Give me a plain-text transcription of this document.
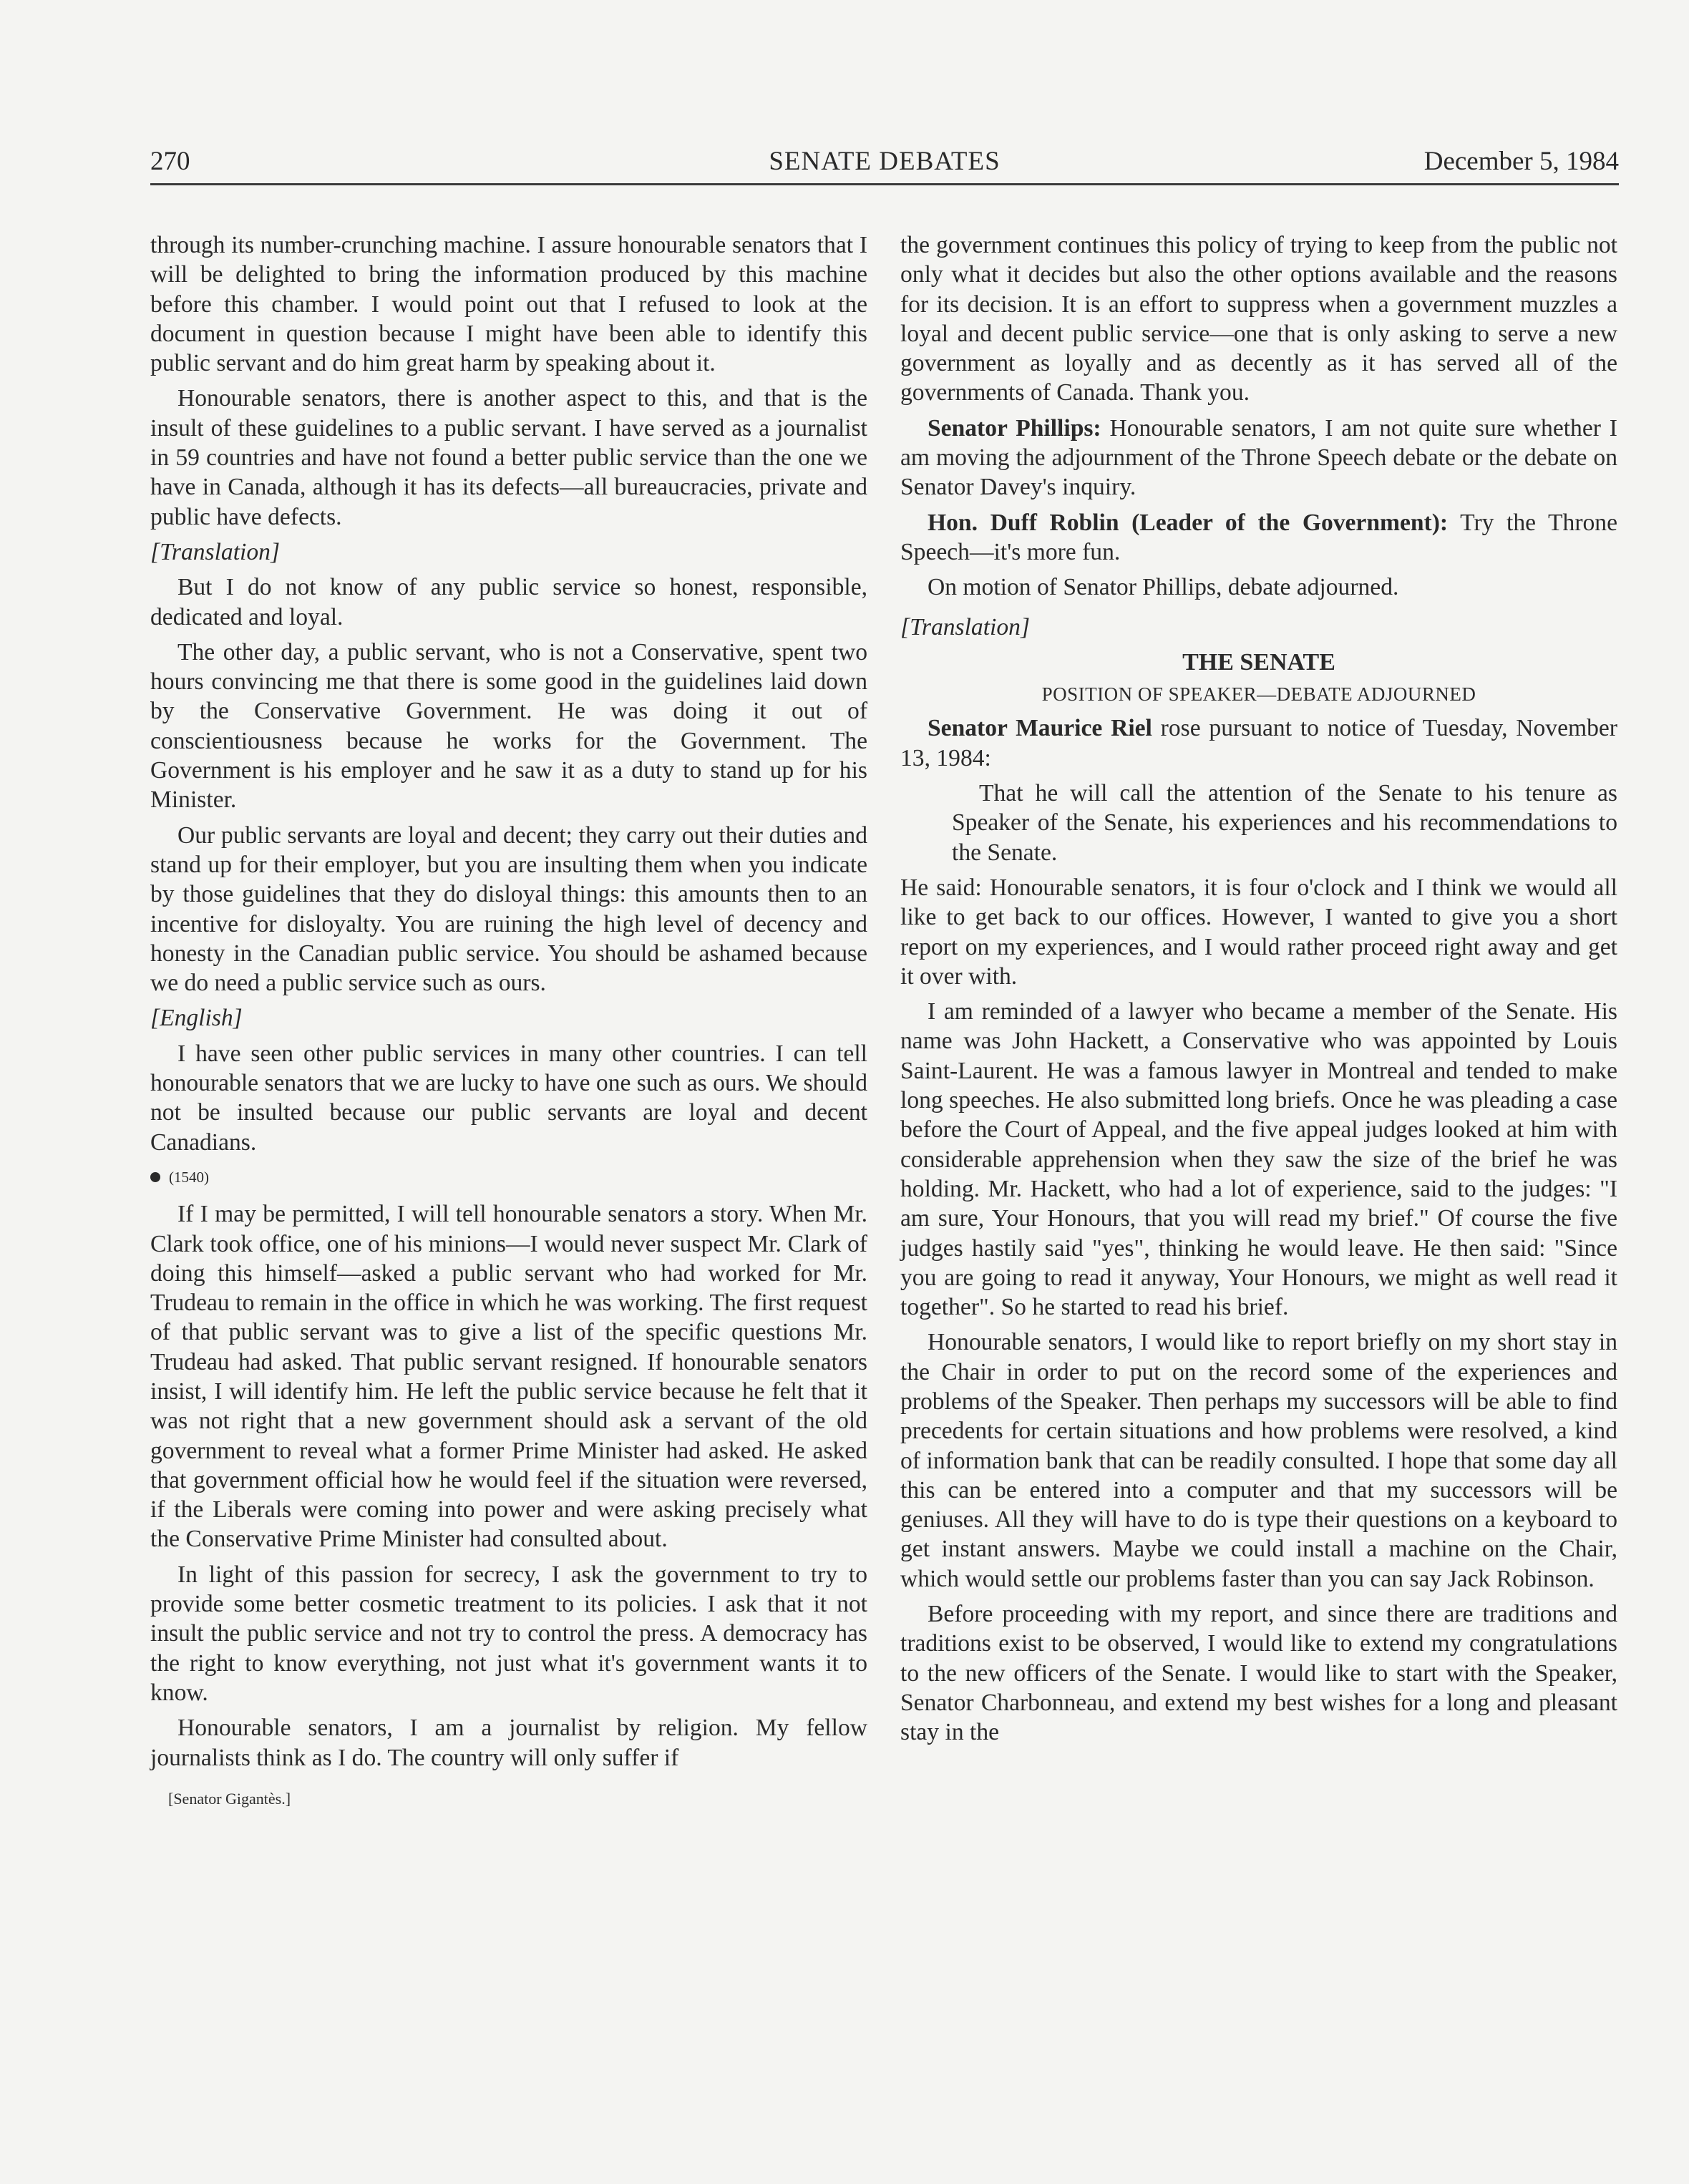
270	SENATE DEBATES	December 5, 1984

through its number-crunching machine. I assure honourable senators that I will be delighted to bring the information produced by this machine before this chamber. I would point out that I refused to look at the document in question because I might have been able to identify this public servant and do him great harm by speaking about it.

Honourable senators, there is another aspect to this, and that is the insult of these guidelines to a public servant. I have served as a journalist in 59 countries and have not found a better public service than the one we have in Canada, although it has its defects—all bureaucracies, private and public have defects.

[Translation]

But I do not know of any public service so honest, responsible, dedicated and loyal.

The other day, a public servant, who is not a Conservative, spent two hours convincing me that there is some good in the guidelines laid down by the Conservative Government. He was doing it out of conscientiousness because he works for the Government. The Government is his employer and he saw it as a duty to stand up for his Minister.

Our public servants are loyal and decent; they carry out their duties and stand up for their employer, but you are insulting them when you indicate by those guidelines that they do disloyal things: this amounts then to an incentive for disloyalty. You are ruining the high level of decency and honesty in the Canadian public service. You should be ashamed because we do need a public service such as ours.

[English]

I have seen other public services in many other countries. I can tell honourable senators that we are lucky to have one such as ours. We should not be insulted because our public servants are loyal and decent Canadians.

(1540)

If I may be permitted, I will tell honourable senators a story. When Mr. Clark took office, one of his minions—I would never suspect Mr. Clark of doing this himself—asked a public servant who had worked for Mr. Trudeau to remain in the office in which he was working. The first request of that public servant was to give a list of the specific questions Mr. Trudeau had asked. That public servant resigned. If honourable senators insist, I will identify him. He left the public service because he felt that it was not right that a new government should ask a servant of the old government to reveal what a former Prime Minister had asked. He asked that government official how he would feel if the situation were reversed, if the Liberals were coming into power and were asking precisely what the Conservative Prime Minister had consulted about.

In light of this passion for secrecy, I ask the government to try to provide some better cosmetic treatment to its policies. I ask that it not insult the public service and not try to control the press. A democracy has the right to know everything, not just what it's government wants it to know.

Honourable senators, I am a journalist by religion. My fellow journalists think as I do. The country will only suffer if

[Senator Gigantès.]

the government continues this policy of trying to keep from the public not only what it decides but also the other options available and the reasons for its decision. It is an effort to suppress when a government muzzles a loyal and decent public service—one that is only asking to serve a new government as loyally and as decently as it has served all of the governments of Canada. Thank you.

Senator Phillips: Honourable senators, I am not quite sure whether I am moving the adjournment of the Throne Speech debate or the debate on Senator Davey's inquiry.

Hon. Duff Roblin (Leader of the Government): Try the Throne Speech—it's more fun.

On motion of Senator Phillips, debate adjourned.

[Translation]
THE SENATE
POSITION OF SPEAKER—DEBATE ADJOURNED

Senator Maurice Riel rose pursuant to notice of Tuesday, November 13, 1984:

That he will call the attention of the Senate to his tenure as Speaker of the Senate, his experiences and his recommendations to the Senate.

He said: Honourable senators, it is four o'clock and I think we would all like to get back to our offices. However, I wanted to give you a short report on my experiences, and I would rather proceed right away and get it over with.

I am reminded of a lawyer who became a member of the Senate. His name was John Hackett, a Conservative who was appointed by Louis Saint-Laurent. He was a famous lawyer in Montreal and tended to make long speeches. He also submitted long briefs. Once he was pleading a case before the Court of Appeal, and the five appeal judges looked at him with considerable apprehension when they saw the size of the brief he was holding. Mr. Hackett, who had a lot of experience, said to the judges: "I am sure, Your Honours, that you will read my brief." Of course the five judges hastily said "yes", thinking he would leave. He then said: "Since you are going to read it anyway, Your Honours, we might as well read it together". So he started to read his brief.

Honourable senators, I would like to report briefly on my short stay in the Chair in order to put on the record some of the experiences and problems of the Speaker. Then perhaps my successors will be able to find precedents for certain situations and how problems were resolved, a kind of information bank that can be readily consulted. I hope that some day all this can be entered into a computer and that my successors will be geniuses. All they will have to do is type their questions on a keyboard to get instant answers. Maybe we could install a machine on the Chair, which would settle our problems faster than you can say Jack Robinson.

Before proceeding with my report, and since there are traditions and traditions exist to be observed, I would like to extend my congratulations to the new officers of the Senate. I would like to start with the Speaker, Senator Charbonneau, and extend my best wishes for a long and pleasant stay in the
